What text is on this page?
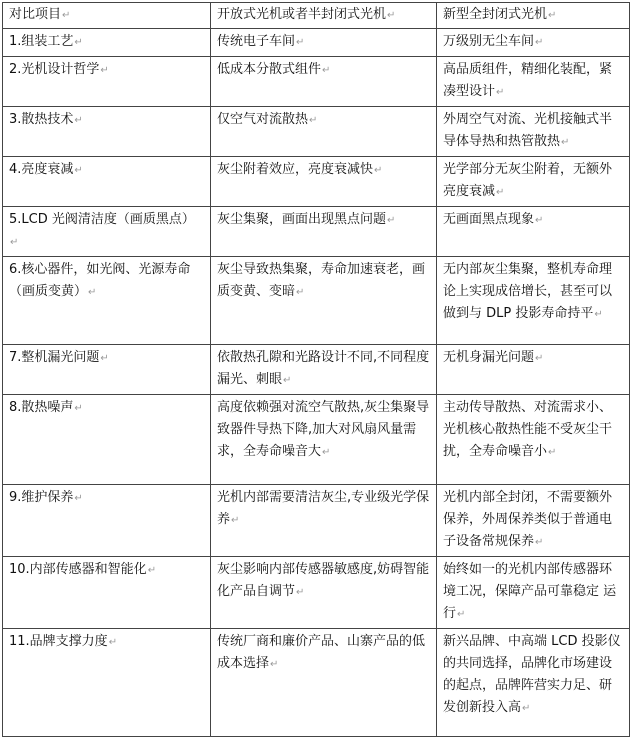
对比项目↵	开放式光机或者半封闭式光机↵	新型全封闭式光机↵
1.组装工艺↵	传统电子车间↵	万级别无尘车间↵
2.光机设计哲学↵	低成本分散式组件↵	高品质组件，精细化装配，紧凑型设计↵
3.散热技术↵	仅空气对流散热↵	外周空气对流、光机接触式半导体导热和热管散热↵
4.亮度衰减↵	灰尘附着效应，亮度衰减快↵	光学部分无灰尘附着，无额外亮度衰减↵
5.LCD 光阀清洁度（画质黑点）↵	灰尘集聚，画面出现黑点问题↵	无画面黑点现象↵
6.核心器件，如光阀、光源寿命（画质变黄）↵	灰尘导致热集聚，寿命加速衰老，画质变黄、变暗↵	无内部灰尘集聚，整机寿命理论上实现成倍增长，甚至可以做到与 DLP 投影寿命持平↵
7.整机漏光问题↵	依散热孔隙和光路设计不同,不同程度漏光、刺眼↵	无机身漏光问题↵
8.散热噪声↵	高度依赖强对流空气散热,灰尘集聚导致器件导热下降,加大对风扇风量需求，全寿命噪音大↵	主动传导散热、对流需求小、光机核心散热性能不受灰尘干扰，全寿命噪音小↵
9.维护保养↵	光机内部需要清洁灰尘,专业级光学保养↵	光机内部全封闭，不需要额外保养，外周保养类似于普通电子设备常规保养↵
10.内部传感器和智能化↵	灰尘影响内部传感器敏感度,妨碍智能化产品自调节↵	始终如一的光机内部传感器环境工况，保障产品可靠稳定 运行↵
11.品牌支撑力度↵	传统厂商和廉价产品、山寨产品的低成本选择↵	新兴品牌、中高端 LCD 投影仪的共同选择，品牌化市场建设的起点，品牌阵营实力足、研发创新投入高↵
